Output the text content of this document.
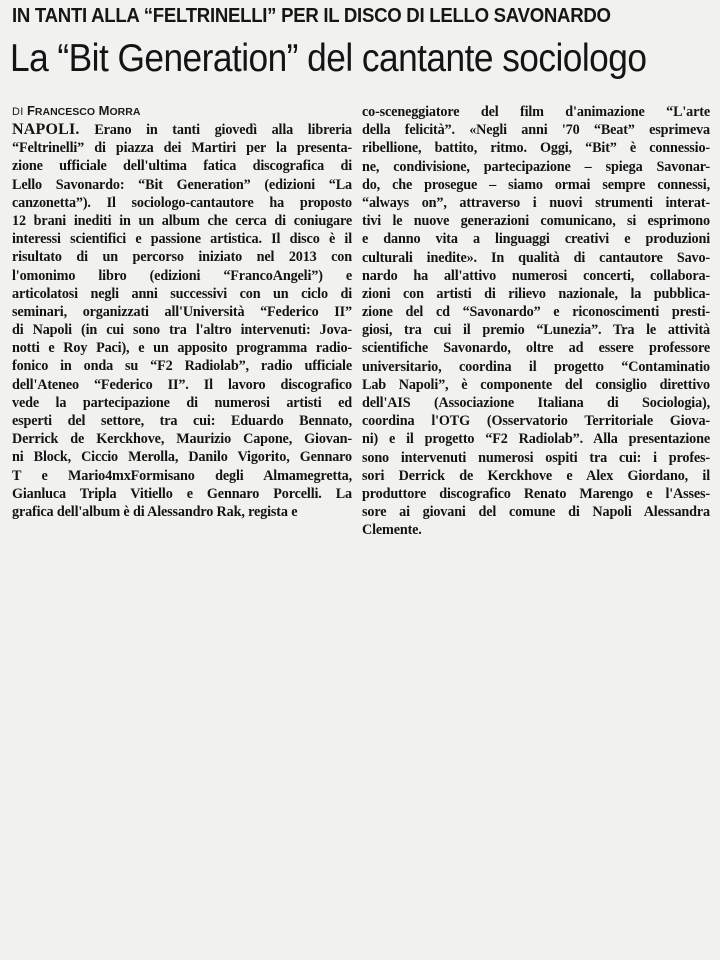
IN TANTI ALLA “FELTRINELLI” PER IL DISCO DI LELLO SAVONARDO
La “Bit Generation” del cantante sociologo
DI FRANCESCO MORRA
NAPOLI. Erano in tanti giovedì alla libreria
“Feltrinelli” di piazza dei Martiri per la presenta-
zione ufficiale dell'ultima fatica discografica di
Lello Savonardo: “Bit Generation” (edizioni “La
canzonetta”). Il sociologo-cantautore ha proposto
12 brani inediti in un album che cerca di coniugare
interessi scientifici e passione artistica. Il disco è il
risultato di un percorso iniziato nel 2013 con
l'omonimo libro (edizioni “FrancoAngeli”) e
articolatosi negli anni successivi con un ciclo di
seminari, organizzati all'Università “Federico II”
di Napoli (in cui sono tra l'altro intervenuti: Jova-
notti e Roy Paci), e un apposito programma radio-
fonico in onda su “F2 Radiolab”, radio ufficiale
dell'Ateneo “Federico II”. Il lavoro discografico
vede la partecipazione di numerosi artisti ed
esperti del settore, tra cui: Eduardo Bennato,
Derrick de Kerckhove, Maurizio Capone, Giovan-
ni Block, Ciccio Merolla, Danilo Vigorito, Gennaro
T e Mario4mxFormisano degli Almamegretta,
Gianluca Tripla Vitiello e Gennaro Porcelli. La
grafica dell'album è di Alessandro Rak, regista e
co-sceneggiatore del film d'animazione “L'arte
della felicità”. «Negli anni '70 “Beat” esprimeva
ribellione, battito, ritmo. Oggi, “Bit” è connessio-
ne, condivisione, partecipazione – spiega Savonar-
do, che prosegue – siamo ormai sempre connessi,
“always on”, attraverso i nuovi strumenti interat-
tivi le nuove generazioni comunicano, si esprimono
e danno vita a linguaggi creativi e produzioni
culturali inedite». In qualità di cantautore Savo-
nardo ha all'attivo numerosi concerti, collabora-
zioni con artisti di rilievo nazionale, la pubblica-
zione del cd “Savonardo” e riconoscimenti presti-
giosi, tra cui il premio “Lunezia”. Tra le attività
scientifiche Savonardo, oltre ad essere professore
universitario, coordina il progetto “Contaminatio
Lab Napoli”, è componente del consiglio direttivo
dell'AIS (Associazione Italiana di Sociologia),
coordina l'OTG (Osservatorio Territoriale Giova-
ni) e il progetto “F2 Radiolab”. Alla presentazione
sono intervenuti numerosi ospiti tra cui: i profes-
sori Derrick de Kerckhove e Alex Giordano, il
produttore discografico Renato Marengo e l'Asses-
sore ai giovani del comune di Napoli Alessandra
Clemente.
